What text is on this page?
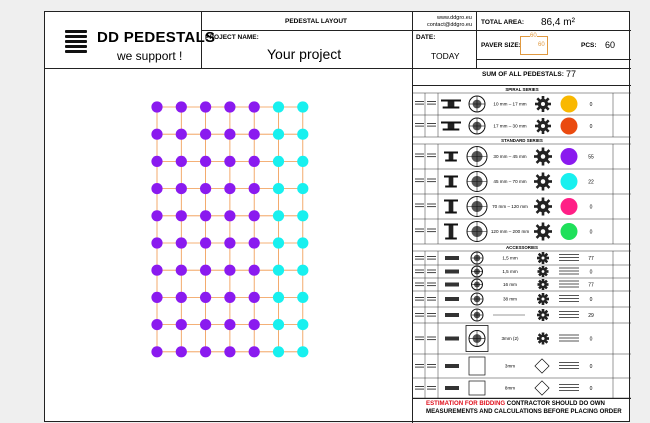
DD PEDESTALS
we support !
PEDESTAL LAYOUT	www.ddgro.eu
contact@ddgro.eu
PROJECT NAME:
Your project
DATE:
TODAY
TOTAL AREA: 86,4 m²
PAVER SIZE:
60
60	PCS: 60
SUM OF ALL PEDESTALS: 77
SPIRAL SERIES
10 mm – 17 mm	0
17 mm – 30 mm	0
STANDARD SERIES
30 mm – 45 mm	55
45 mm – 70 mm	22
70 mm – 120 mm	0
120 mm – 200 mm	0
ACCESSORIES
1,5 mm	77
1,5 mm	0
16 mm	77
38 mm	0
29
3mm (2)	0
3mm	0
8mm	0
ESTIMATION FOR BIDDING CONTRACTOR SHOULD DO OWN
MEASUREMENTS AND CALCULATIONS BEFORE PLACING ORDER
